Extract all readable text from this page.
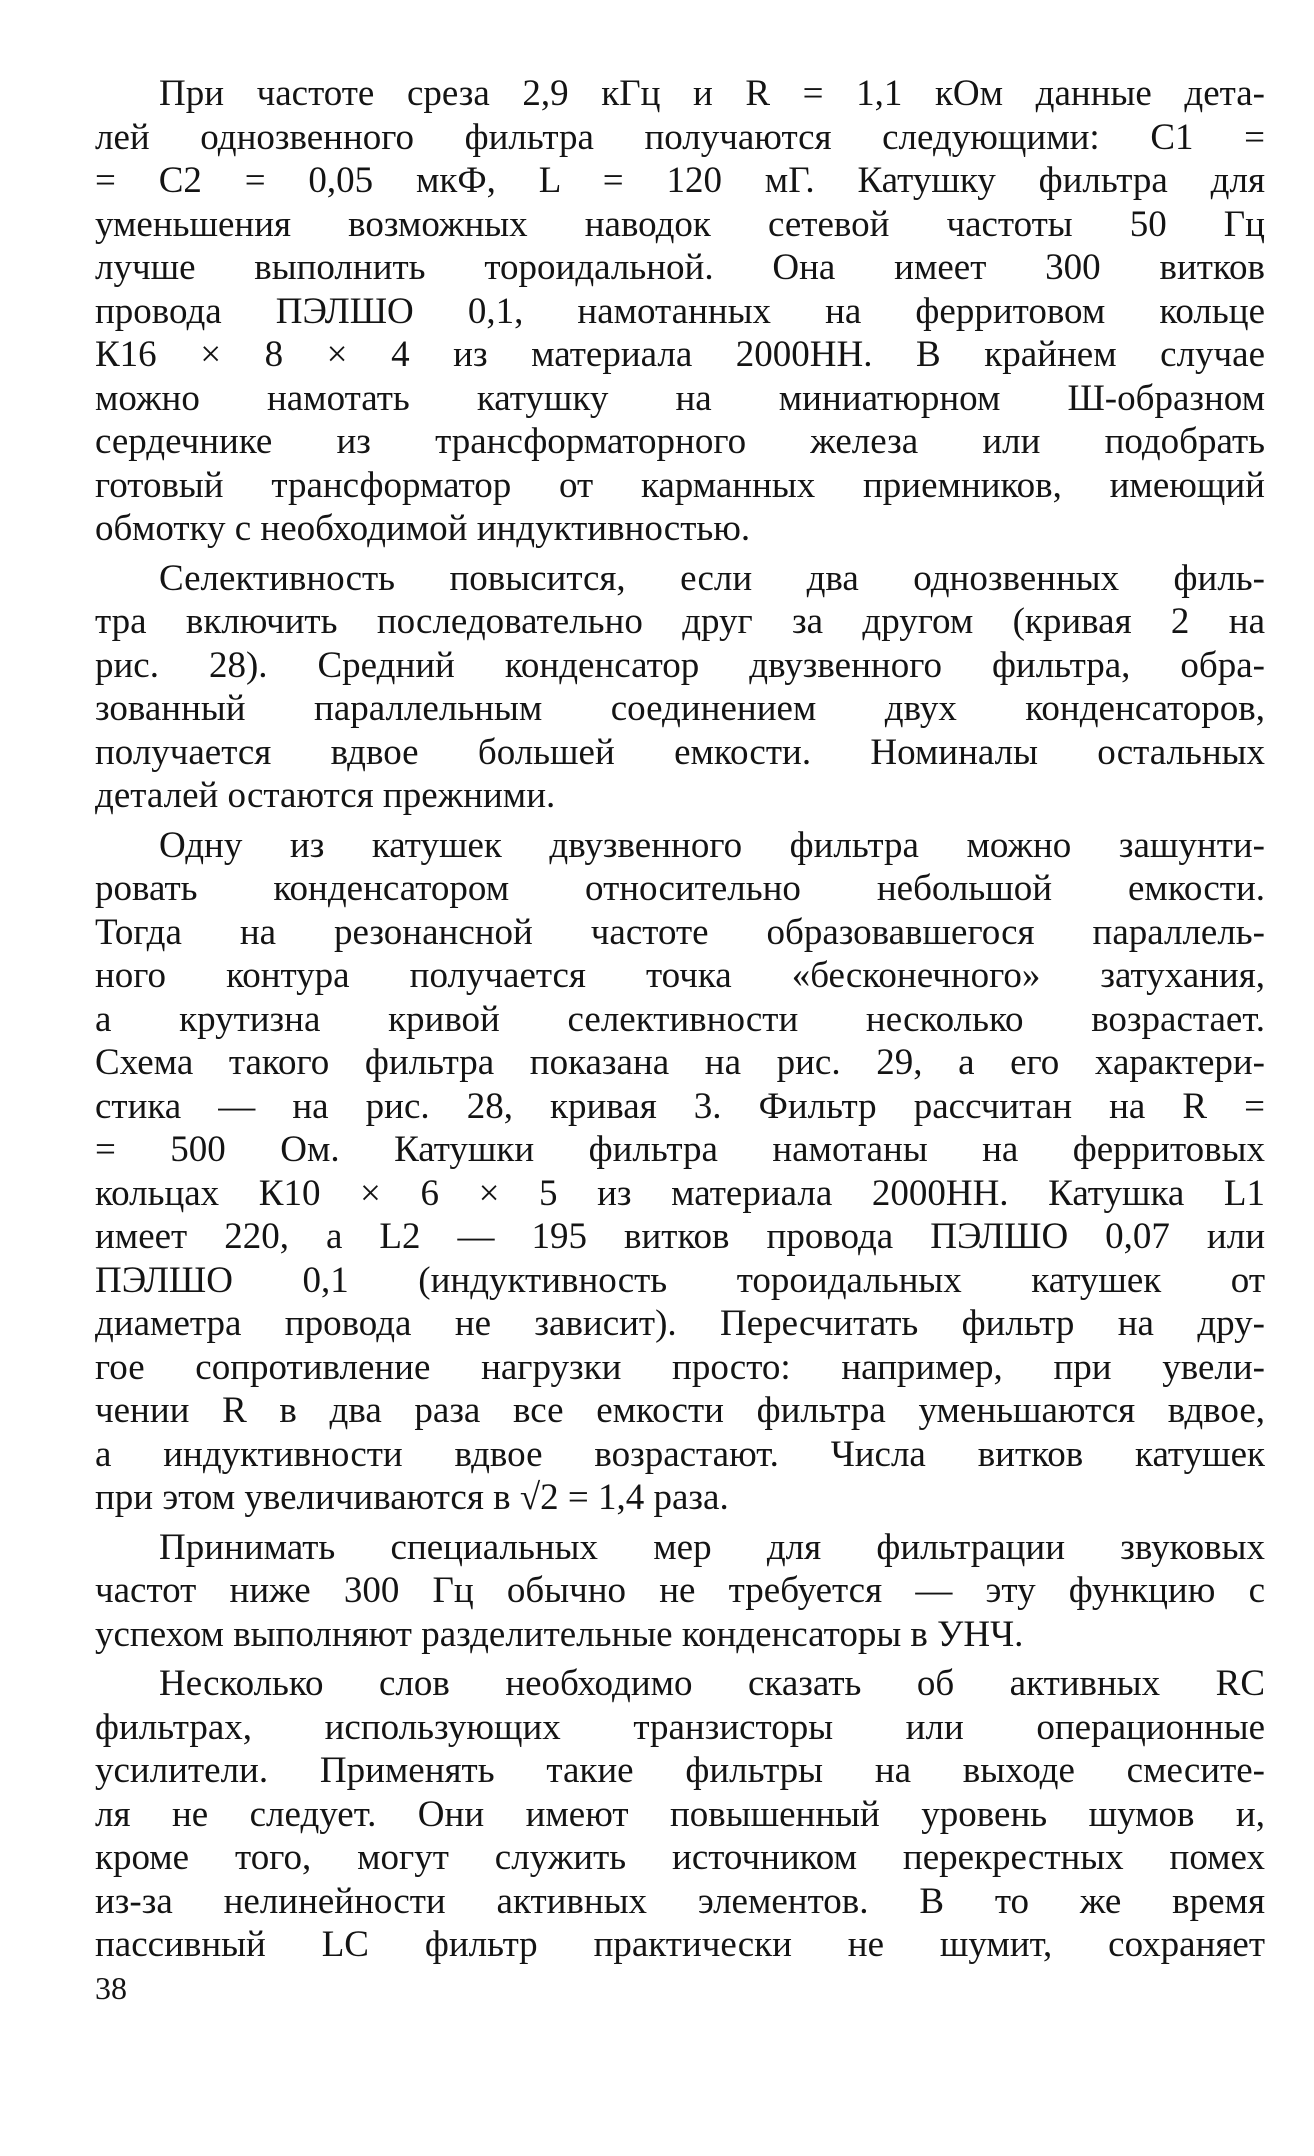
При частоте среза 2,9 кГц и R = 1,1 кОм данные дета-
лей однозвенного фильтра получаются следующими: C1 =
= C2 = 0,05 мкФ, L = 120 мГ. Катушку фильтра для
уменьшения возможных наводок сетевой частоты 50 Гц
лучше выполнить тороидальной. Она имеет 300 витков
провода ПЭЛШО 0,1, намотанных на ферритовом кольце
К16 × 8 × 4 из материала 2000НН. В крайнем случае
можно намотать катушку на миниатюрном Ш-образном
сердечнике из трансформаторного железа или подобрать
готовый трансформатор от карманных приемников, имеющий
обмотку с необходимой индуктивностью.

Селективность повысится, если два однозвенных филь-
тра включить последовательно друг за другом (кривая 2 на
рис. 28). Средний конденсатор двузвенного фильтра, обра-
зованный параллельным соединением двух конденсаторов,
получается вдвое большей емкости. Номиналы остальных
деталей остаются прежними.

Одну из катушек двузвенного фильтра можно зашунти-
ровать конденсатором относительно небольшой емкости.
Тогда на резонансной частоте образовавшегося параллель-
ного контура получается точка «бесконечного» затухания,
а крутизна кривой селективности несколько возрастает.
Схема такого фильтра показана на рис. 29, а его характери-
стика — на рис. 28, кривая 3. Фильтр рассчитан на R =
= 500 Ом. Катушки фильтра намотаны на ферритовых
кольцах К10 × 6 × 5 из материала 2000НН. Катушка L1
имеет 220, а L2 — 195 витков провода ПЭЛШО 0,07 или
ПЭЛШО 0,1 (индуктивность тороидальных катушек от
диаметра провода не зависит). Пересчитать фильтр на дру-
гое сопротивление нагрузки просто: например, при увели-
чении R в два раза все емкости фильтра уменьшаются вдвое,
а индуктивности вдвое возрастают. Числа витков катушек
при этом увеличиваются в √2 = 1,4 раза.

Принимать специальных мер для фильтрации звуковых
частот ниже 300 Гц обычно не требуется — эту функцию с
успехом выполняют разделительные конденсаторы в УНЧ.

Несколько слов необходимо сказать об активных RC
фильтрах, использующих транзисторы или операционные
усилители. Применять такие фильтры на выходе смесите-
ля не следует. Они имеют повышенный уровень шумов и,
кроме того, могут служить источником перекрестных помех
из-за нелинейности активных элементов. В то же время
пассивный LC фильтр практически не шумит, сохраняет

38
